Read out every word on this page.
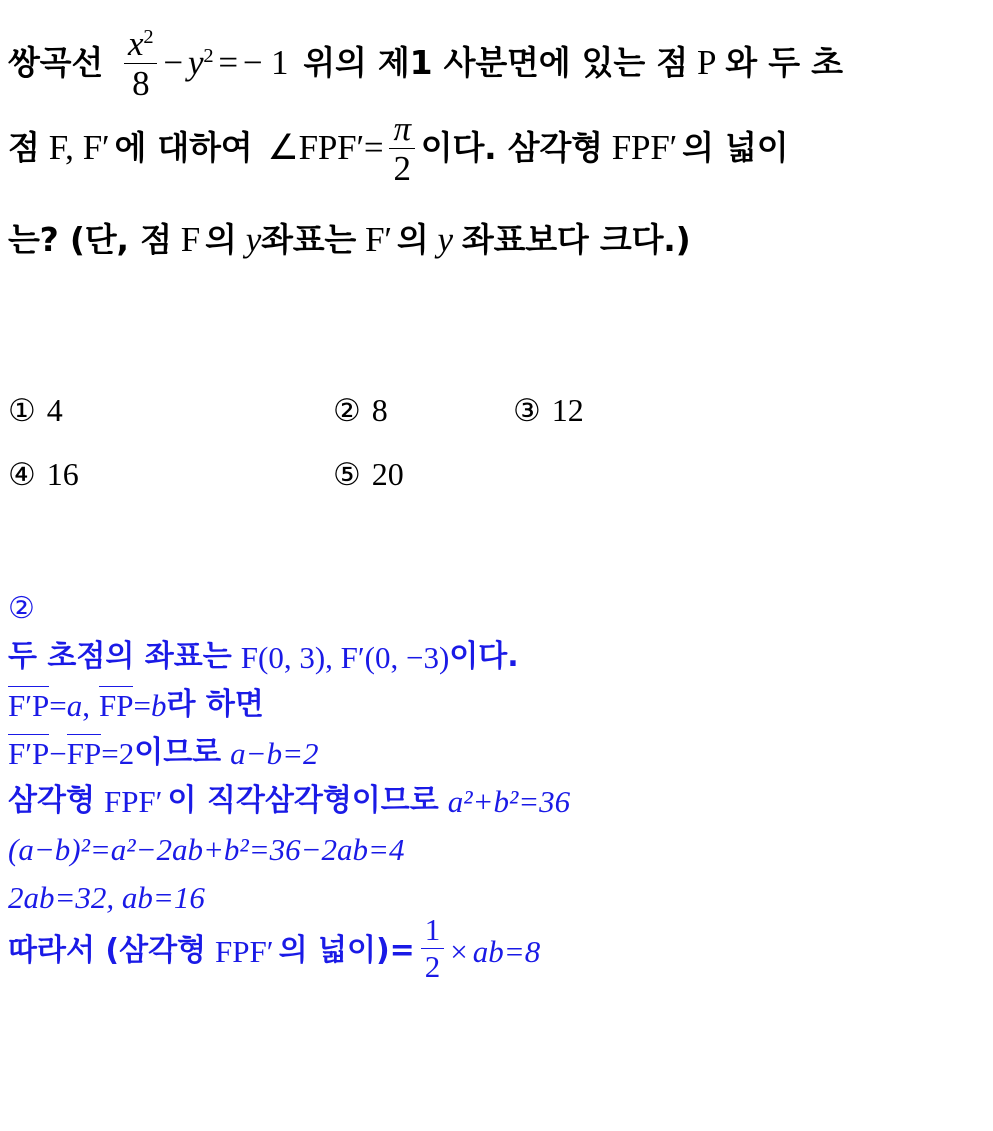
쌍곡선 $\frac{x^2}{8} - y^2$ = − 1 위의 제1 사분면에 있는 점 P 와 두 초
점 F, F′ 에 대하여 ∠FPF′= $\frac{\pi}{2}$ 이다. 삼각형 FPF′ 의 넓이
는? (단, 점 F 의 y좌표는 F′ 의 y 좌표보다 크다.)
① 4	② 8	③ 12
④ 16	⑤ 20
②
두 초점의 좌표는 F(0, 3), F′(0, −3) 이다.
F′P = a , FP = b 라 하면
F′P − FP =2 이므로 a−b=2
삼각형 FPF′ 이 직각삼각형이므로 a²+b²=36
(a−b)²=a²−2ab+b²=36−2ab=4
2ab=32, ab=16
따라서 (삼각형 FPF′ 의 넓이)= $\frac{1}{2} \times ab=8$
